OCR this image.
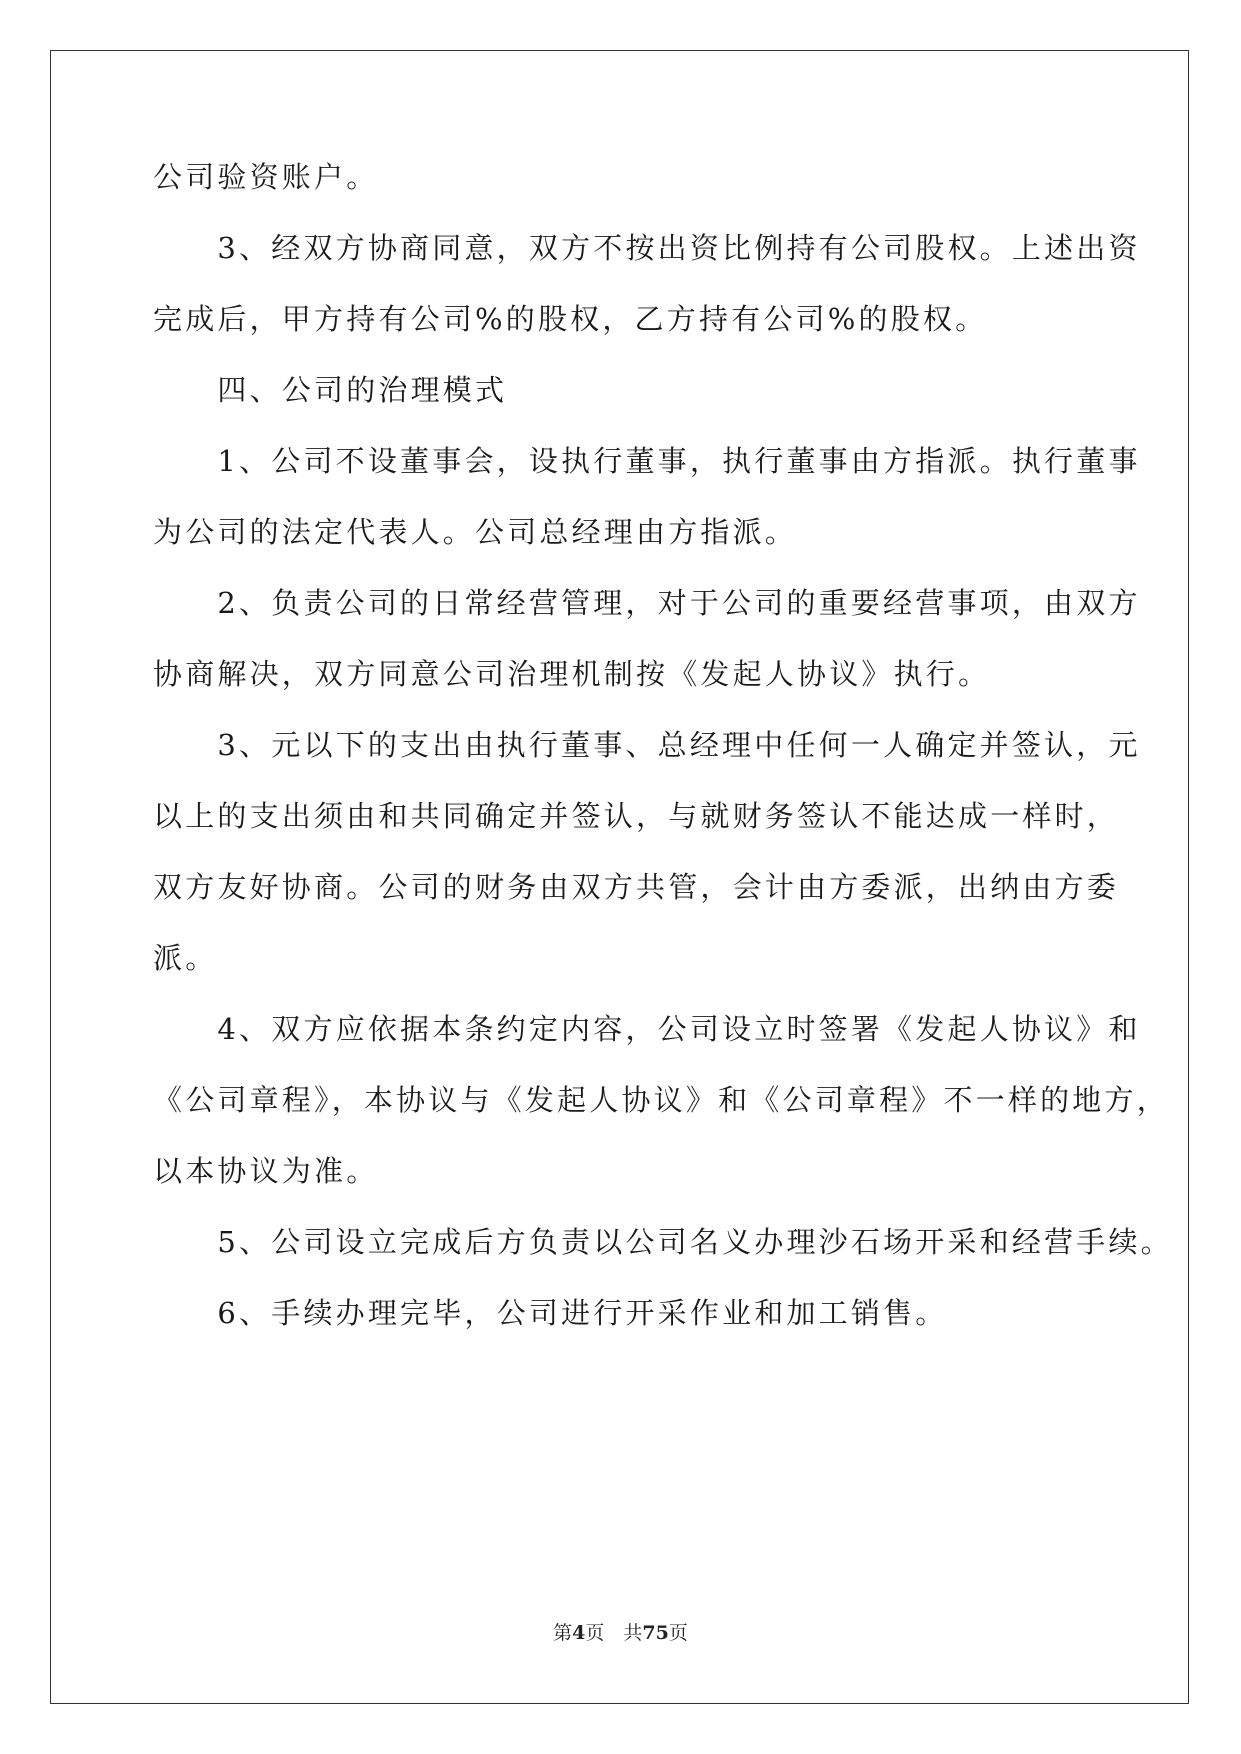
公司验资账户。
　　3、经双方协商同意，双方不按出资比例持有公司股权。上述出资
完成后，甲方持有公司%的股权，乙方持有公司%的股权。
　　四、公司的治理模式
　　1、公司不设董事会，设执行董事，执行董事由方指派。执行董事
为公司的法定代表人。公司总经理由方指派。
　　2、负责公司的日常经营管理，对于公司的重要经营事项，由双方
协商解决，双方同意公司治理机制按《发起人协议》执行。
　　3、元以下的支出由执行董事、总经理中任何一人确定并签认，元
以上的支出须由和共同确定并签认，与就财务签认不能达成一样时，
双方友好协商。公司的财务由双方共管，会计由方委派，出纳由方委
派。
　　4、双方应依据本条约定内容，公司设立时签署《发起人协议》和
《公司章程》，本协议与《发起人协议》和《公司章程》不一样的地方，
以本协议为准。
　　5、公司设立完成后方负责以公司名义办理沙石场开采和经营手续。
　　6、手续办理完毕，公司进行开采作业和加工销售。
第4页　 共75页
